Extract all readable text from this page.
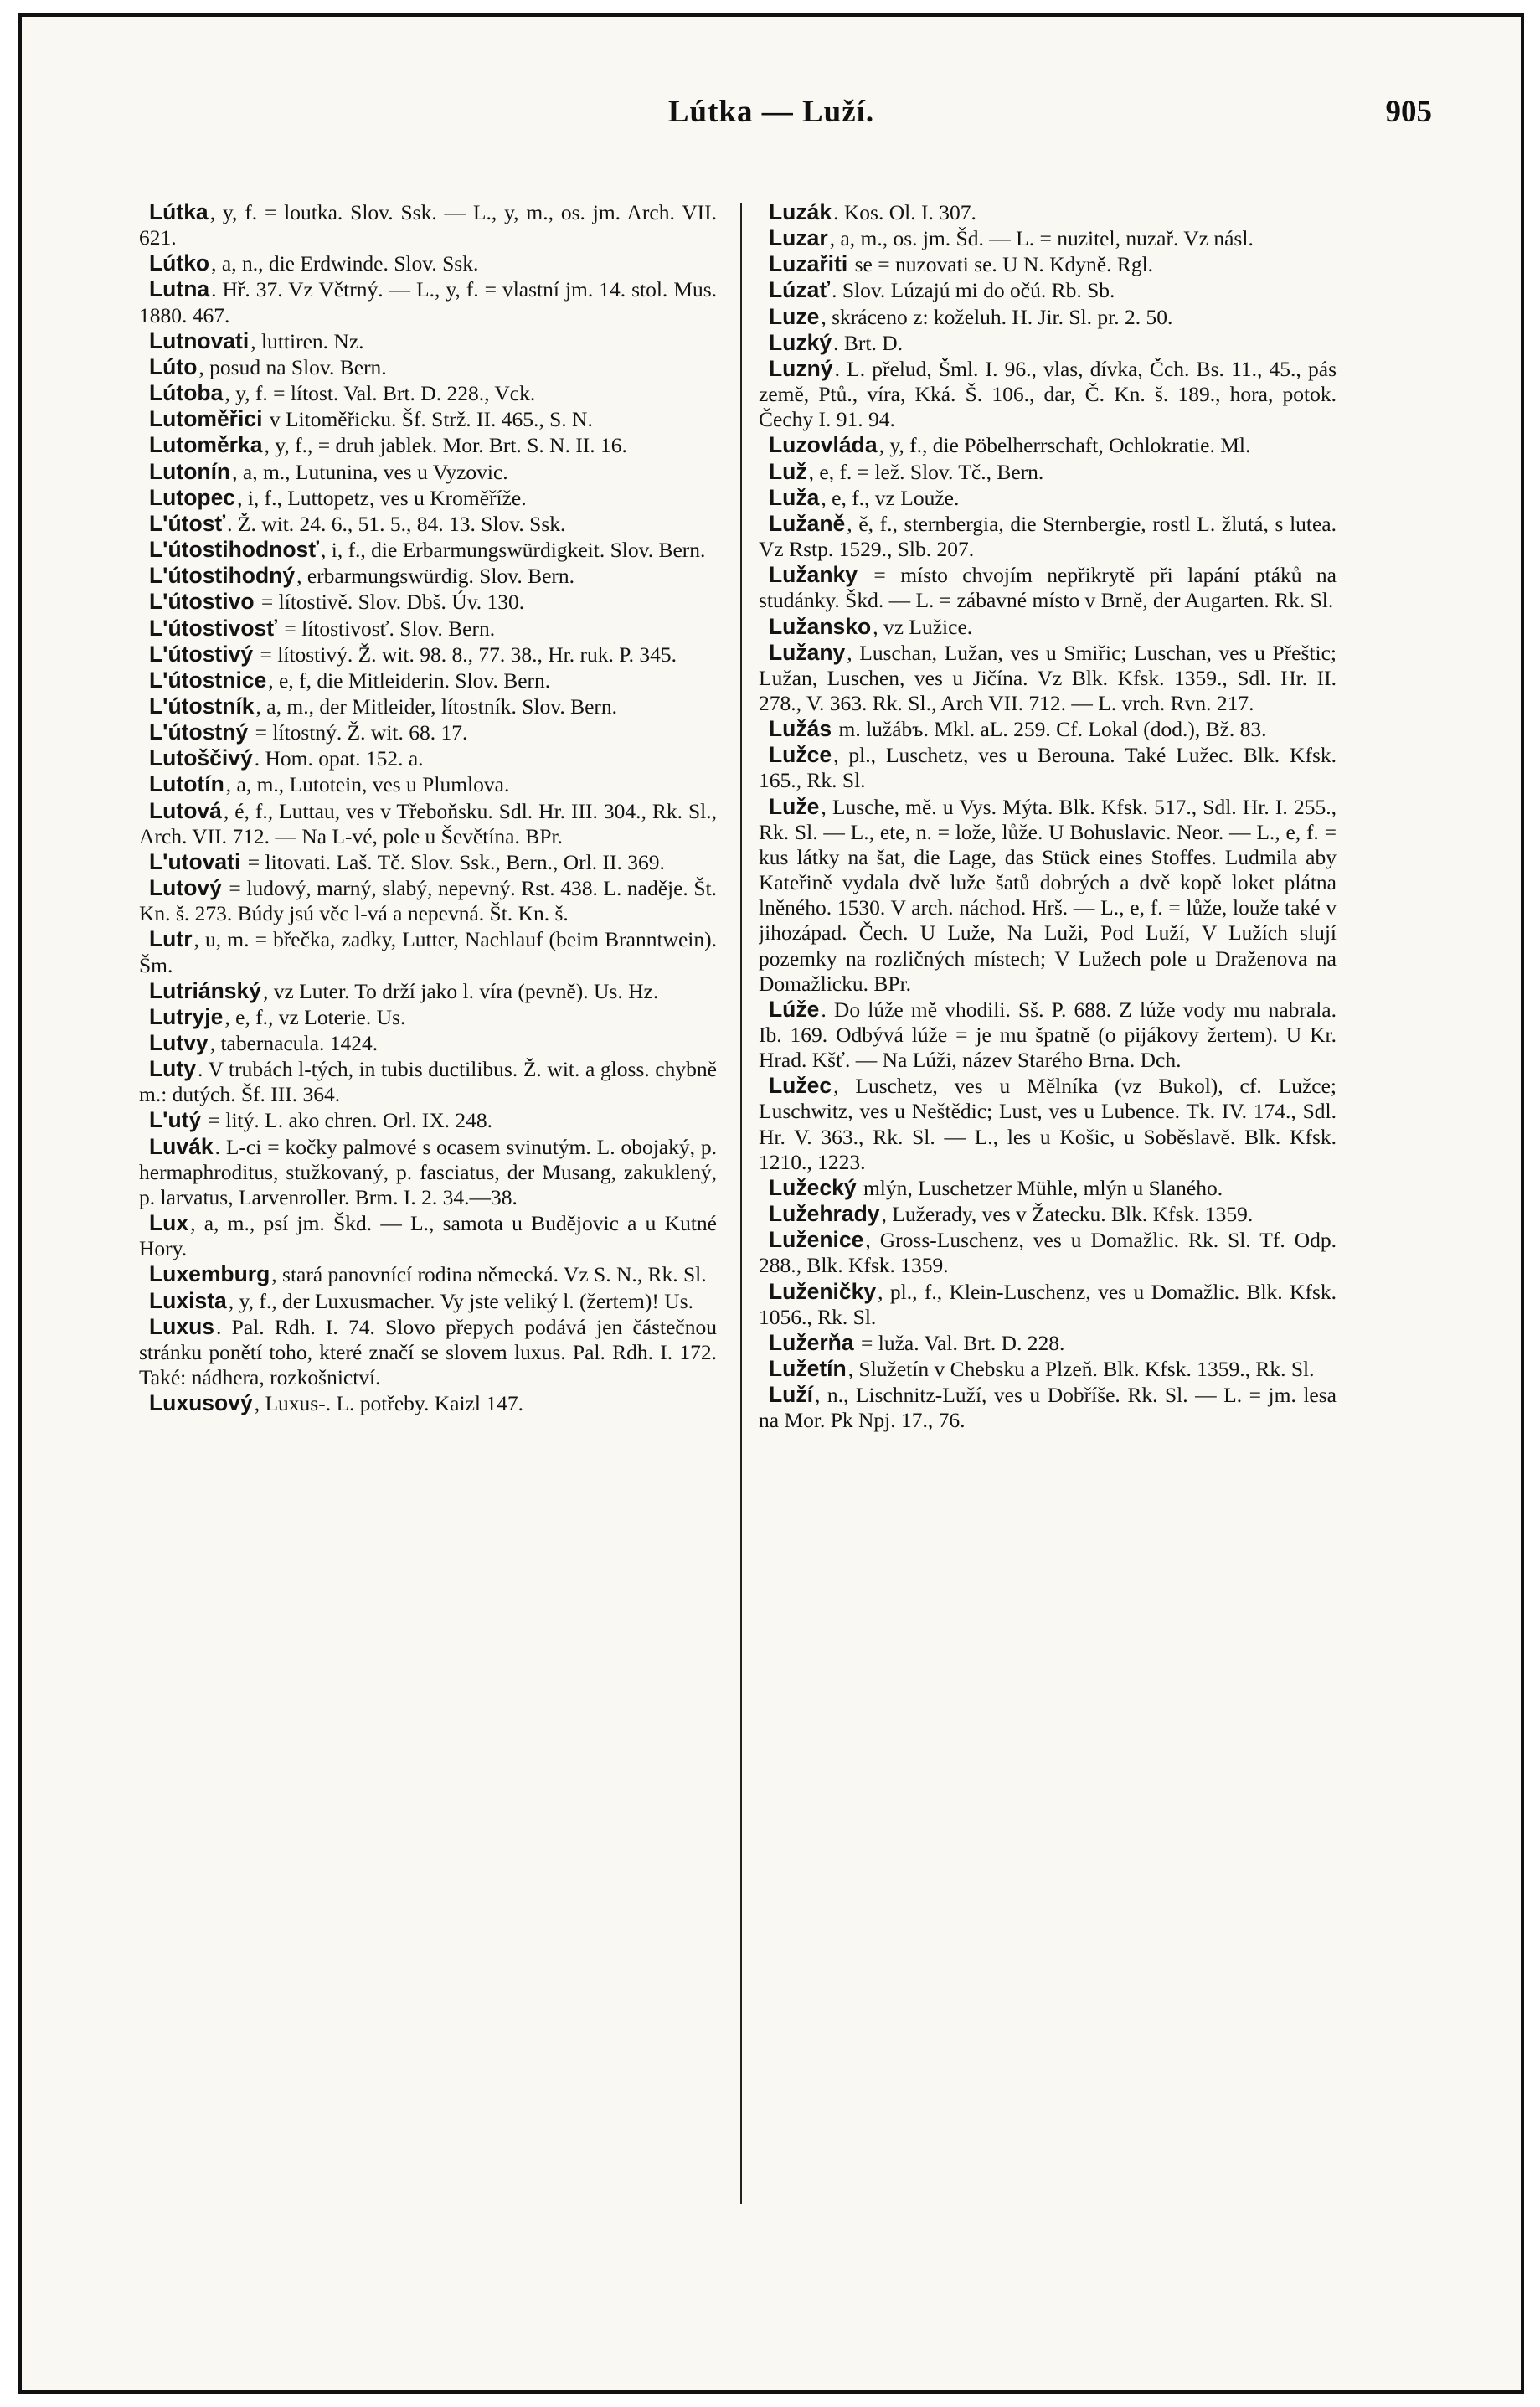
Lútka — Luží.	905

Lútka, y, f. = loutka. Slov. Ssk. — L., y, m., os. jm. Arch. VII. 621.

Lútko, a, n., die Erdwinde. Slov. Ssk.

Lutna. Hř. 37. Vz Větrný. — L., y, f. = vlastní jm. 14. stol. Mus. 1880. 467.

Lutnovati, luttiren. Nz.

Lúto, posud na Slov. Bern.

Lútoba, y, f. = lítost. Val. Brt. D. 228., Vck.

Lutoměřici v Litoměřicku. Šf. Strž. II. 465., S. N.

Lutoměrka, y, f., = druh jablek. Mor. Brt. S. N. II. 16.

Lutonín, a, m., Lutunina, ves u Vyzovic.

Lutopec, i, f., Luttopetz, ves u Kroměříže.

L'útosť. Ž. wit. 24. 6., 51. 5., 84. 13. Slov. Ssk.

L'útostihodnosť, i, f., die Erbarmungswürdigkeit. Slov. Bern.

L'útostihodný, erbarmungswürdig. Slov. Bern.

L'útostivo = lítostivě. Slov. Dbš. Úv. 130.

L'útostivosť = lítostivosť. Slov. Bern.

L'útostivý = lítostivý. Ž. wit. 98. 8., 77. 38., Hr. ruk. P. 345.

L'útostnice, e, f, die Mitleiderin. Slov. Bern.

L'útostník, a, m., der Mitleider, lítostník. Slov. Bern.

L'útostný = lítostný. Ž. wit. 68. 17.

Lutoščivý. Hom. opat. 152. a.

Lutotín, a, m., Lutotein, ves u Plumlova.

Lutová, é, f., Luttau, ves v Třeboňsku. Sdl. Hr. III. 304., Rk. Sl., Arch. VII. 712. — Na L-vé, pole u Ševětína. BPr.

L'utovati = litovati. Laš. Tč. Slov. Ssk., Bern., Orl. II. 369.

Lutový = ludový, marný, slabý, nepevný. Rst. 438. L. naděje. Št. Kn. š. 273. Búdy jsú věc l-vá a nepevná. Št. Kn. š.

Lutr, u, m. = břečka, zadky, Lutter, Nachlauf (beim Branntwein). Šm.

Lutriánský, vz Luter. To drží jako l. víra (pevně). Us. Hz.

Lutryje, e, f., vz Loterie. Us.

Lutvy, tabernacula. 1424.

Luty. V trubách l-tých, in tubis ductilibus. Ž. wit. a gloss. chybně m.: dutých. Šf. III. 364.

L'utý = litý. L. ako chren. Orl. IX. 248.

Luvák. L-ci = kočky palmové s ocasem svinutým. L. obojaký, p. hermaphroditus, stužkovaný, p. fasciatus, der Musang, zakuklený, p. larvatus, Larvenroller. Brm. I. 2. 34.—38.

Lux, a, m., psí jm. Škd. — L., samota u Budějovic a u Kutné Hory.

Luxemburg, stará panovnící rodina německá. Vz S. N., Rk. Sl.

Luxista, y, f., der Luxusmacher. Vy jste veliký l. (žertem)! Us.

Luxus. Pal. Rdh. I. 74. Slovo přepych podává jen částečnou stránku ponětí toho, které značí se slovem luxus. Pal. Rdh. I. 172. Také: nádhera, rozkošnictví.

Luxusový, Luxus-. L. potřeby. Kaizl 147.

Luzák. Kos. Ol. I. 307.

Luzar, a, m., os. jm. Šd. — L. = nuzitel, nuzař. Vz násl.

Luzařiti se = nuzovati se. U N. Kdyně. Rgl.

Lúzať. Slov. Lúzajú mi do očú. Rb. Sb.

Luze, skráceno z: koželuh. H. Jir. Sl. pr. 2. 50.

Luzký. Brt. D.

Luzný. L. přelud, Šml. I. 96., vlas, dívka, Čch. Bs. 11., 45., pás země, Ptů., víra, Kká. Š. 106., dar, Č. Kn. š. 189., hora, potok. Čechy I. 91. 94.

Luzovláda, y, f., die Pöbelherrschaft, Ochlokratie. Ml.

Luž, e, f. = lež. Slov. Tč., Bern.

Luža, e, f., vz Louže.

Lužaně, ě, f., sternbergia, die Sternbergie, rostl L. žlutá, s lutea. Vz Rstp. 1529., Slb. 207.

Lužanky = místo chvojím nepřikrytě při lapání ptáků na studánky. Škd. — L. = zábavné místo v Brně, der Augarten. Rk. Sl.

Lužansko, vz Lužice.

Lužany, Luschan, Lužan, ves u Smiřic; Luschan, ves u Přeštic; Lužan, Luschen, ves u Jičína. Vz Blk. Kfsk. 1359., Sdl. Hr. II. 278., V. 363. Rk. Sl., Arch VII. 712. — L. vrch. Rvn. 217.

Lužás m. lužábъ. Mkl. aL. 259. Cf. Lokal (dod.), Bž. 83.

Lužce, pl., Luschetz, ves u Berouna. Také Lužec. Blk. Kfsk. 165., Rk. Sl.

Luže, Lusche, mě. u Vys. Mýta. Blk. Kfsk. 517., Sdl. Hr. I. 255., Rk. Sl. — L., ete, n. = lože, lůže. U Bohuslavic. Neor. — L., e, f. = kus látky na šat, die Lage, das Stück eines Stoffes. Ludmila aby Kateřině vydala dvě luže šatů dobrých a dvě kopě loket plátna lněného. 1530. V arch. náchod. Hrš. — L., e, f. = lůže, louže také v jihozápad. Čech. U Luže, Na Luži, Pod Luží, V Lužích slují pozemky na rozličných místech; V Lužech pole u Draženova na Domažlicku. BPr.

Lúže. Do lúže mě vhodili. Sš. P. 688. Z lúže vody mu nabrala. Ib. 169. Odbývá lúže = je mu špatně (o pijákovy žertem). U Kr. Hrad. Kšť. — Na Lúži, název Starého Brna. Dch.

Lužec, Luschetz, ves u Mělníka (vz Bukol), cf. Lužce; Luschwitz, ves u Neštědic; Lust, ves u Lubence. Tk. IV. 174., Sdl. Hr. V. 363., Rk. Sl. — L., les u Košic, u Soběslavě. Blk. Kfsk. 1210., 1223.

Lužecký mlýn, Luschetzer Mühle, mlýn u Slaného.

Lužehrady, Lužerady, ves v Žatecku. Blk. Kfsk. 1359.

Luženice, Gross-Luschenz, ves u Domažlic. Rk. Sl. Tf. Odp. 288., Blk. Kfsk. 1359.

Luženičky, pl., f., Klein-Luschenz, ves u Domažlic. Blk. Kfsk. 1056., Rk. Sl.

Lužerňa = luža. Val. Brt. D. 228.

Lužetín, Služetín v Chebsku a Plzeň. Blk. Kfsk. 1359., Rk. Sl.

Luží, n., Lischnitz-Luží, ves u Dobříše. Rk. Sl. — L. = jm. lesa na Mor. Pk Npj. 17., 76.
